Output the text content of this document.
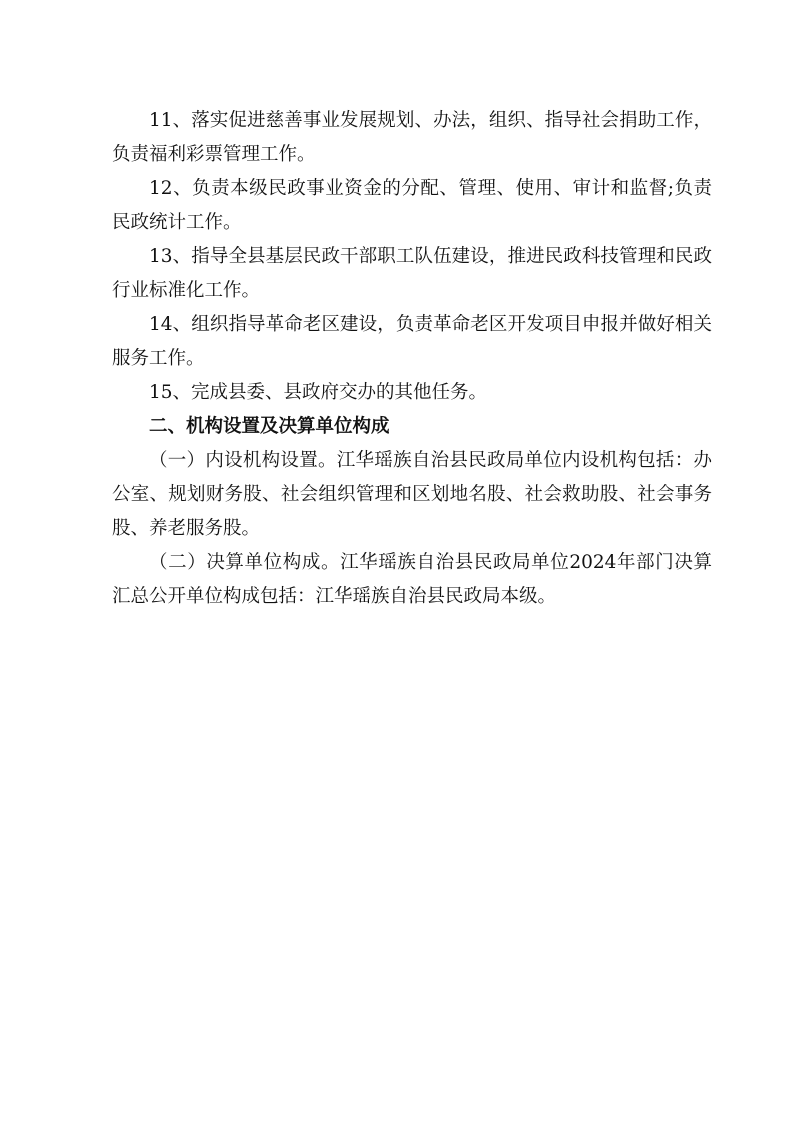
11、落实促进慈善事业发展规划、办法，组织、指导社会捐助工作，负责福利彩票管理工作。

12、负责本级民政事业资金的分配、管理、使用、审计和监督;负责民政统计工作。

13、指导全县基层民政干部职工队伍建设，推进民政科技管理和民政行业标准化工作。

14、组织指导革命老区建设，负责革命老区开发项目申报并做好相关服务工作。

15、完成县委、县政府交办的其他任务。

二、机构设置及决算单位构成

（一）内设机构设置。江华瑶族自治县民政局单位内设机构包括：办公室、规划财务股、社会组织管理和区划地名股、社会救助股、社会事务股、养老服务股。

（二）决算单位构成。江华瑶族自治县民政局单位2024年部门决算汇总公开单位构成包括：江华瑶族自治县民政局本级。
